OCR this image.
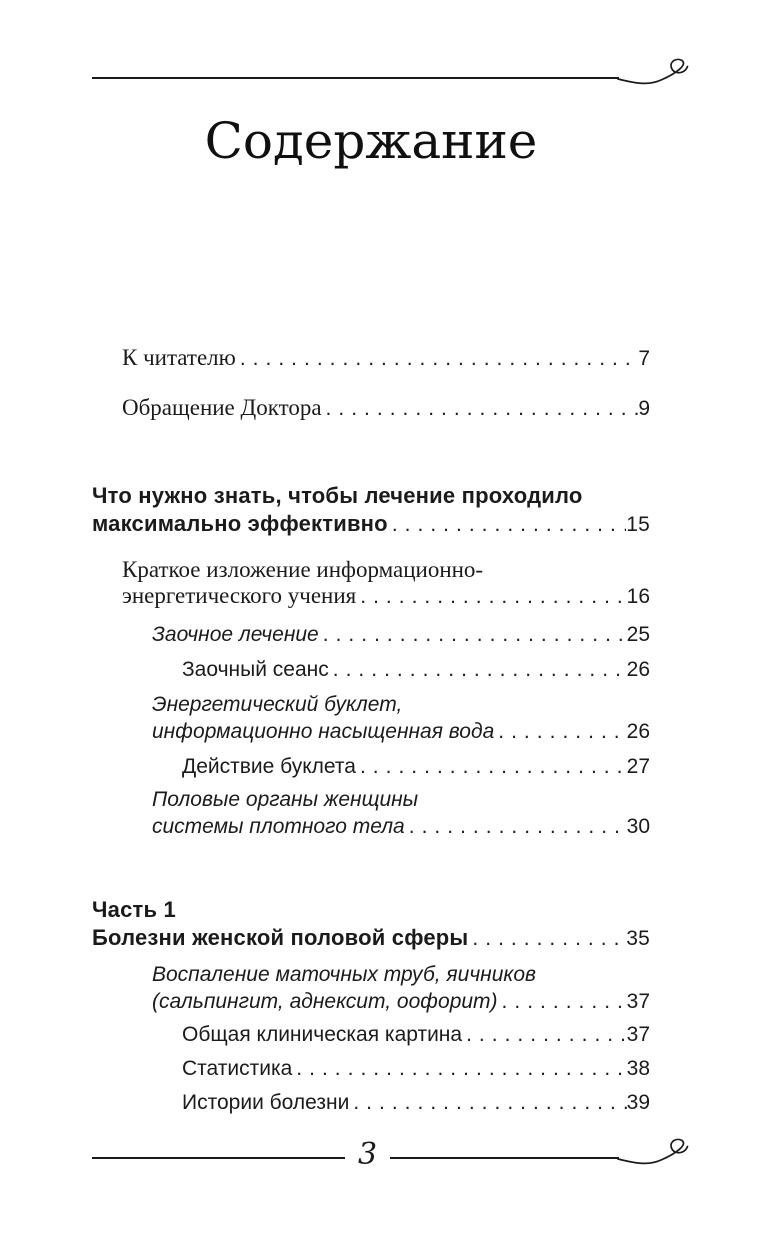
Содержание
К читателю .....	7
Обращение Доктора .....	9
Что нужно знать, чтобы лечение проходило
максимально эффективно .....	15
Краткое изложение информационно-
энергетического учения .....	16
Заочное лечение .....	25
Заочный сеанс .....	26
Энергетический буклет,
информационно насыщенная вода .....	26
Действие буклета .....	27
Половые органы женщины
системы плотного тела .....	30
Часть 1
Болезни женской половой сферы .....	35
Воспаление маточных труб, яичников
(сальпингит, аднексит, оофорит) .....	37
Общая клиническая картина .....	37
Статистика .....	38
Истории болезни .....	39
3
